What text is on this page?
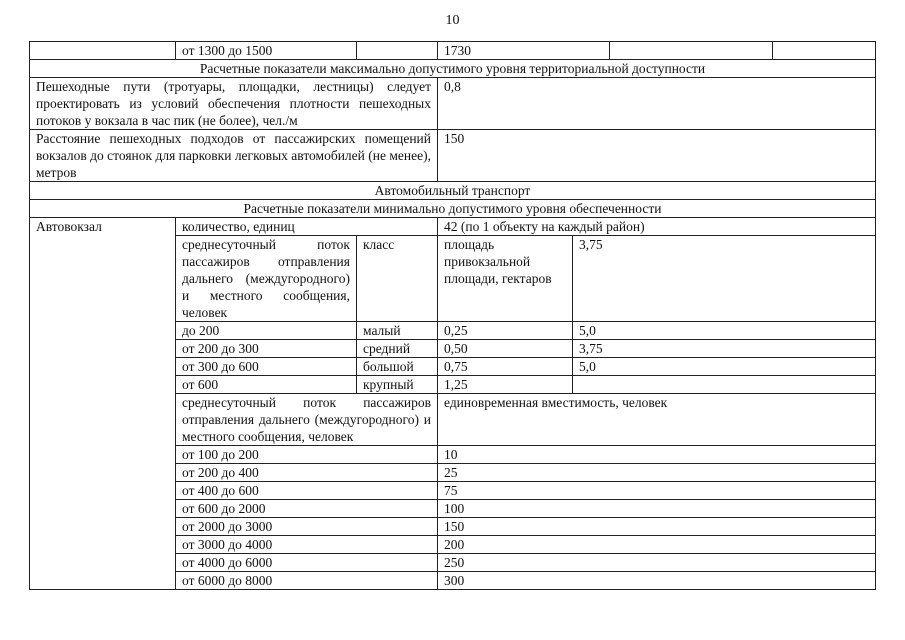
10
	от 1300 до 1500		1730			
Расчетные показатели максимально допустимого уровня территориальной доступности						
Пешеходные пути (тротуары, площадки, лестницы) следует проектировать из условий обеспечения плотности пешеходных потоков у вокзала в час пик (не более), чел./м			0,8			
Расстояние пешеходных подходов от пассажирских помещений вокзалов до стоянок для парковки легковых автомобилей (не менее), метров			150			
Автомобильный транспорт						
Расчетные показатели минимально допустимого уровня обеспеченности						
Автовокзал	количество, единиц		42 (по 1 объекту на каждый район)			
	среднесуточный поток пассажиров отправления дальнего (междугородного) и местного сообщения, человек	класс	площадь привокзальной площади, гектаров	3,75		
	до 200	малый	0,25	5,0		
	от 200 до 300	средний	0,50	3,75		
	от 300 до 600	большой	0,75	5,0		
	от 600	крупный	1,25			
	среднесуточный поток пассажиров отправления дальнего (междугородного) и местного сообщения, человек		единовременная вместимость, человек			
	от 100 до 200		10			
	от 200 до 400		25			
	от 400 до 600		75			
	от 600 до 2000		100			
	от 2000 до 3000		150			
	от 3000 до 4000		200			
	от 4000 до 6000		250			
	от 6000 до 8000		300			
